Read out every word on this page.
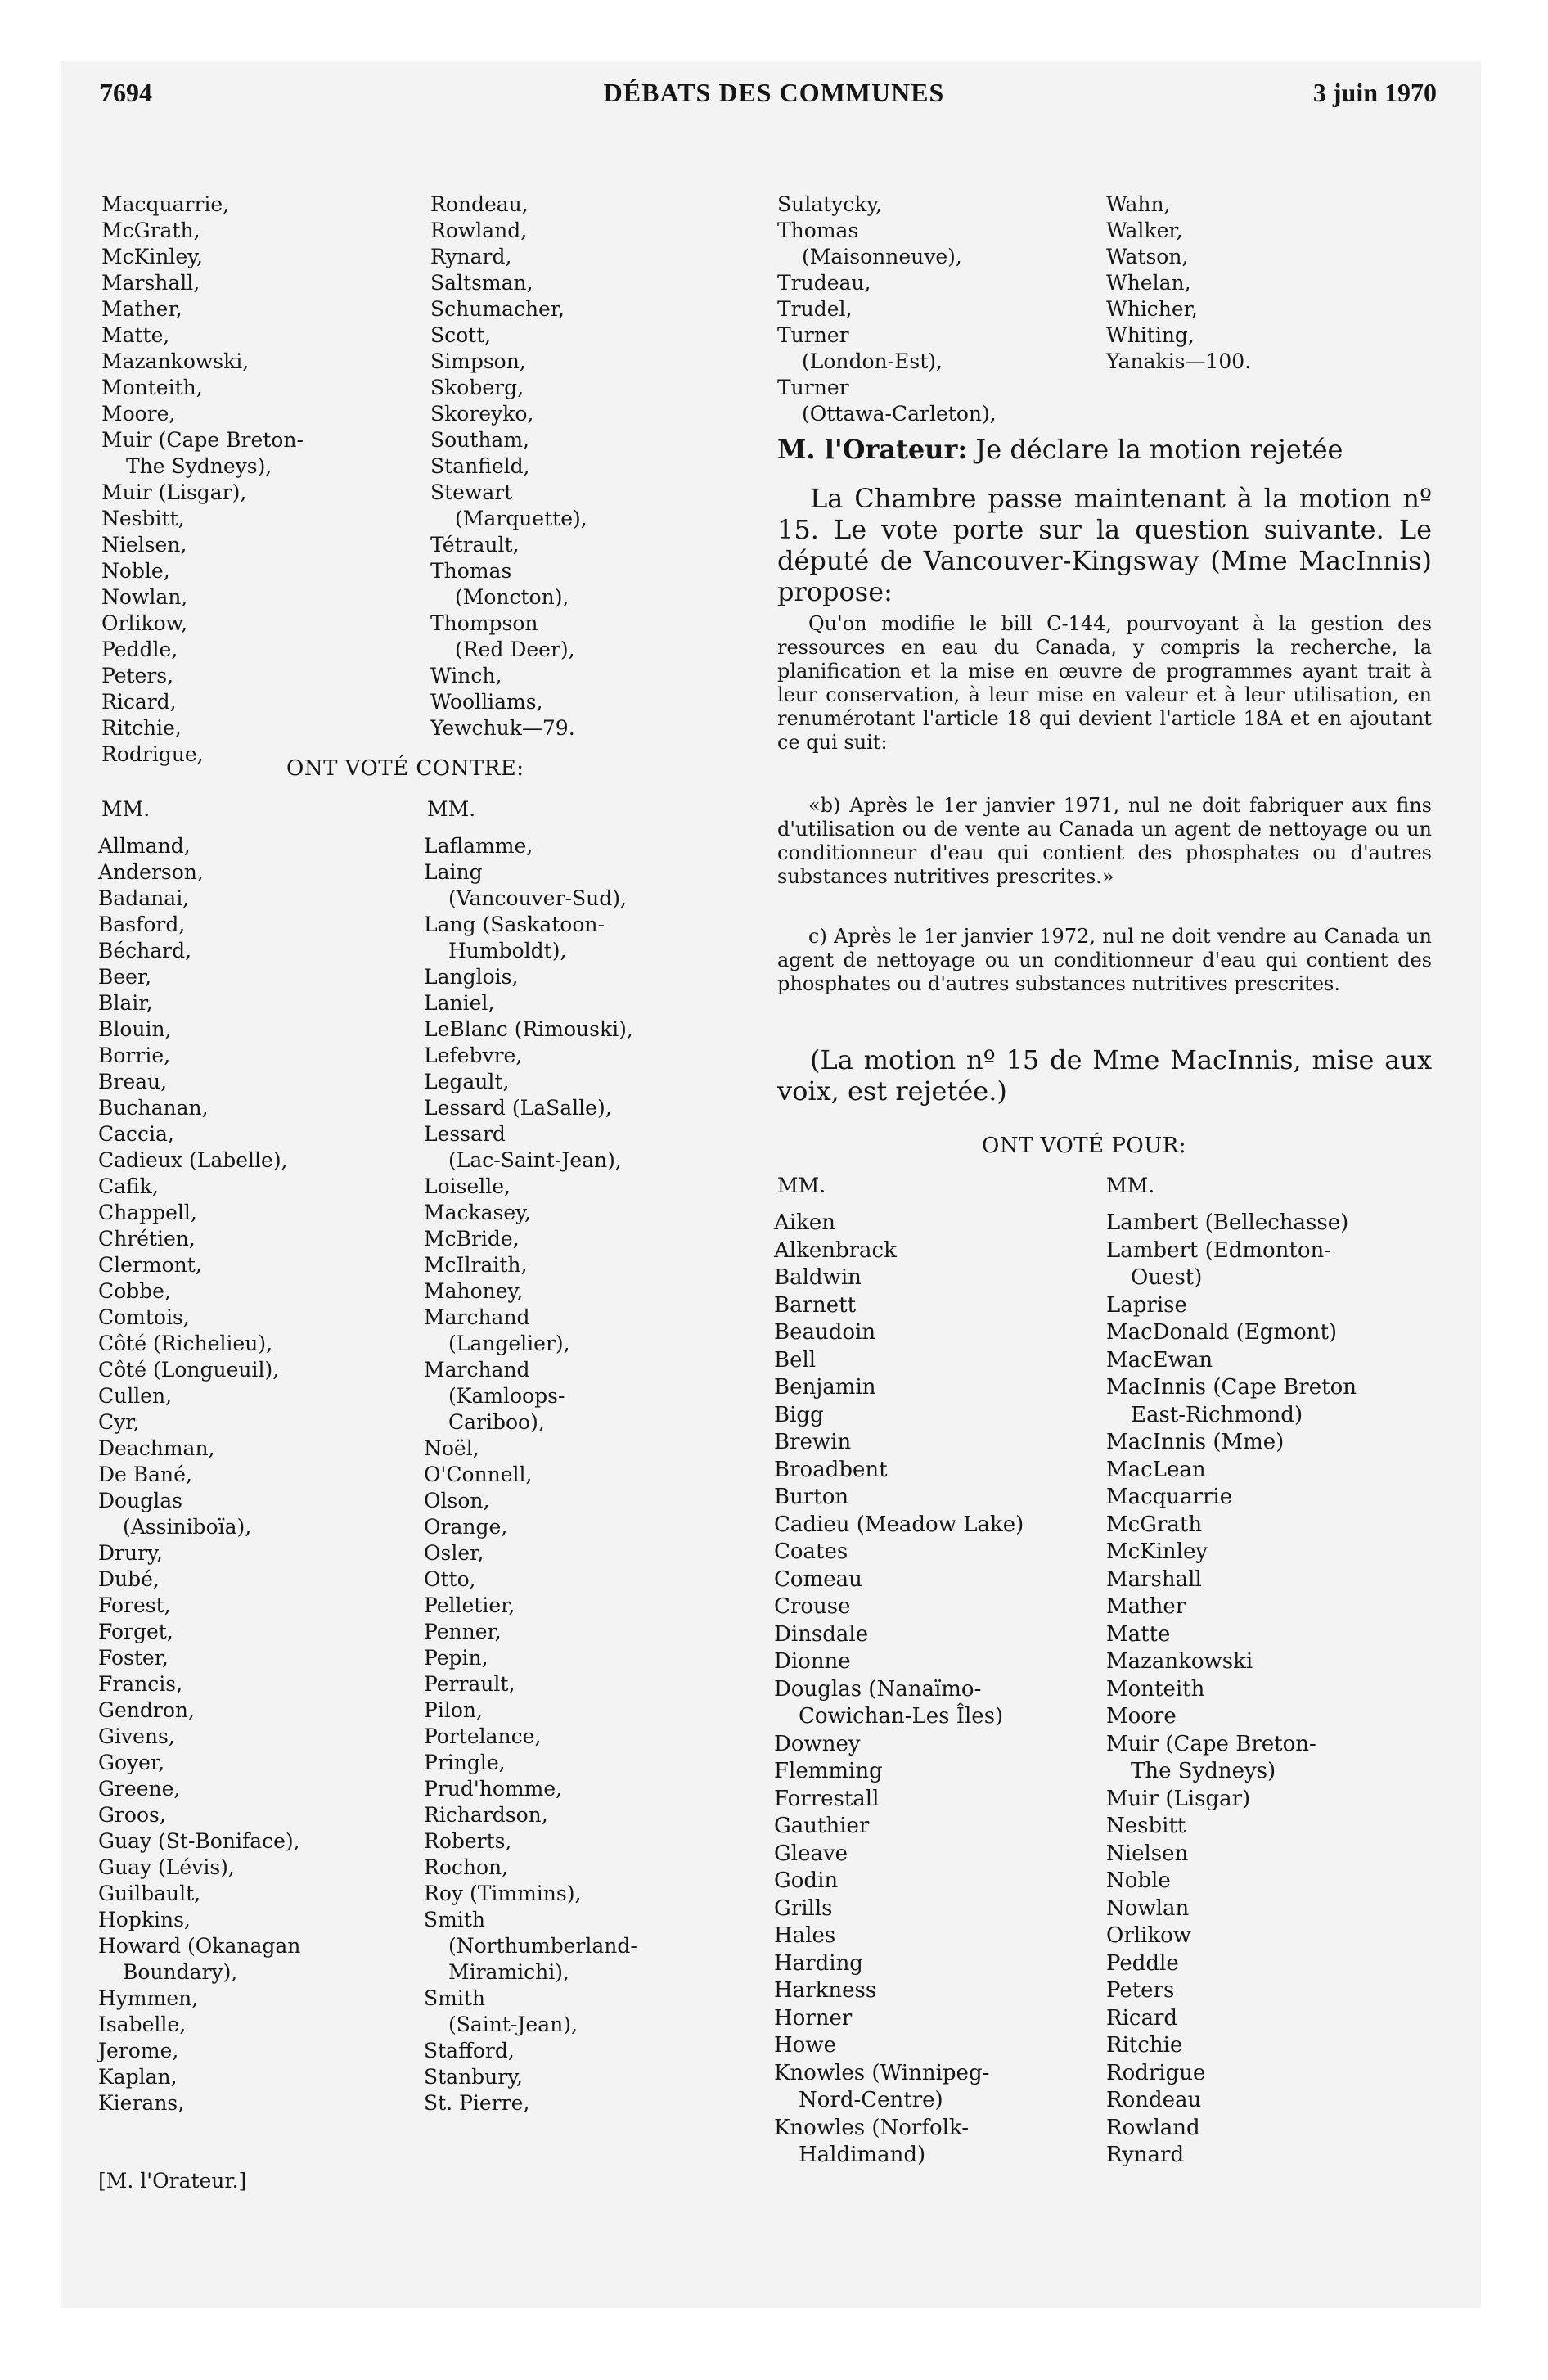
7694	DÉBATS DES COMMUNES	3 juin 1970
Macquarrie,
McGrath,
McKinley,
Marshall,
Mather,
Matte,
Mazankowski,
Monteith,
Moore,
Muir (Cape Breton-
The Sydneys),
Muir (Lisgar),
Nesbitt,
Nielsen,
Noble,
Nowlan,
Orlikow,
Peddle,
Peters,
Ricard,
Ritchie,
Rodrigue,
Rondeau,
Rowland,
Rynard,
Saltsman,
Schumacher,
Scott,
Simpson,
Skoberg,
Skoreyko,
Southam,
Stanfield,
Stewart
(Marquette),
Tétrault,
Thomas
(Moncton),
Thompson
(Red Deer),
Winch,
Woolliams,
Yewchuk—79.
ONT VOTÉ CONTRE:
MM.	MM.
Allmand,
Anderson,
Badanai,
Basford,
Béchard,
Beer,
Blair,
Blouin,
Borrie,
Breau,
Buchanan,
Caccia,
Cadieux (Labelle),
Cafik,
Chappell,
Chrétien,
Clermont,
Cobbe,
Comtois,
Côté (Richelieu),
Côté (Longueuil),
Cullen,
Cyr,
Deachman,
De Bané,
Douglas
(Assiniboïa),
Drury,
Dubé,
Forest,
Forget,
Foster,
Francis,
Gendron,
Givens,
Goyer,
Greene,
Groos,
Guay (St-Boniface),
Guay (Lévis),
Guilbault,
Hopkins,
Howard (Okanagan
Boundary),
Hymmen,
Isabelle,
Jerome,
Kaplan,
Kierans,
Laflamme,
Laing
(Vancouver-Sud),
Lang (Saskatoon-
Humboldt),
Langlois,
Laniel,
LeBlanc (Rimouski),
Lefebvre,
Legault,
Lessard (LaSalle),
Lessard
(Lac-Saint-Jean),
Loiselle,
Mackasey,
McBride,
McIlraith,
Mahoney,
Marchand
(Langelier),
Marchand
(Kamloops-
Cariboo),
Noël,
O'Connell,
Olson,
Orange,
Osler,
Otto,
Pelletier,
Penner,
Pepin,
Perrault,
Pilon,
Portelance,
Pringle,
Prud'homme,
Richardson,
Roberts,
Rochon,
Roy (Timmins),
Smith
(Northumberland-
Miramichi),
Smith
(Saint-Jean),
Stafford,
Stanbury,
St. Pierre,
[M. l'Orateur.]
Sulatycky,
Thomas
(Maisonneuve),
Trudeau,
Trudel,
Turner
(London-Est),
Turner
(Ottawa-Carleton),
Wahn,
Walker,
Watson,
Whelan,
Whicher,
Whiting,
Yanakis—100.
M. l'Orateur: Je déclare la motion rejetée
La Chambre passe maintenant à la motion nº 15. Le vote porte sur la question suivante. Le député de Vancouver-Kingsway (Mme MacInnis) propose:
Qu'on modifie le bill C-144, pourvoyant à la gestion des ressources en eau du Canada, y compris la recherche, la planification et la mise en œuvre de programmes ayant trait à leur conservation, à leur mise en valeur et à leur utilisation, en renumérotant l'article 18 qui devient l'article 18A et en ajoutant ce qui suit:
«b) Après le 1er janvier 1971, nul ne doit fabriquer aux fins d'utilisation ou de vente au Canada un agent de nettoyage ou un conditionneur d'eau qui contient des phosphates ou d'autres substances nutritives prescrites.»
c) Après le 1er janvier 1972, nul ne doit vendre au Canada un agent de nettoyage ou un conditionneur d'eau qui contient des phosphates ou d'autres substances nutritives prescrites.
(La motion nº 15 de Mme MacInnis, mise aux voix, est rejetée.)
ONT VOTÉ POUR:
MM.	MM.
Aiken
Alkenbrack
Baldwin
Barnett
Beaudoin
Bell
Benjamin
Bigg
Brewin
Broadbent
Burton
Cadieu (Meadow Lake)
Coates
Comeau
Crouse
Dinsdale
Dionne
Douglas (Nanaïmo-
Cowichan-Les Îles)
Downey
Flemming
Forrestall
Gauthier
Gleave
Godin
Grills
Hales
Harding
Harkness
Horner
Howe
Knowles (Winnipeg-
Nord-Centre)
Knowles (Norfolk-
Haldimand)
Lambert (Bellechasse)
Lambert (Edmonton-
Ouest)
Laprise
MacDonald (Egmont)
MacEwan
MacInnis (Cape Breton
East-Richmond)
MacInnis (Mme)
MacLean
Macquarrie
McGrath
McKinley
Marshall
Mather
Matte
Mazankowski
Monteith
Moore
Muir (Cape Breton-
The Sydneys)
Muir (Lisgar)
Nesbitt
Nielsen
Noble
Nowlan
Orlikow
Peddle
Peters
Ricard
Ritchie
Rodrigue
Rondeau
Rowland
Rynard
